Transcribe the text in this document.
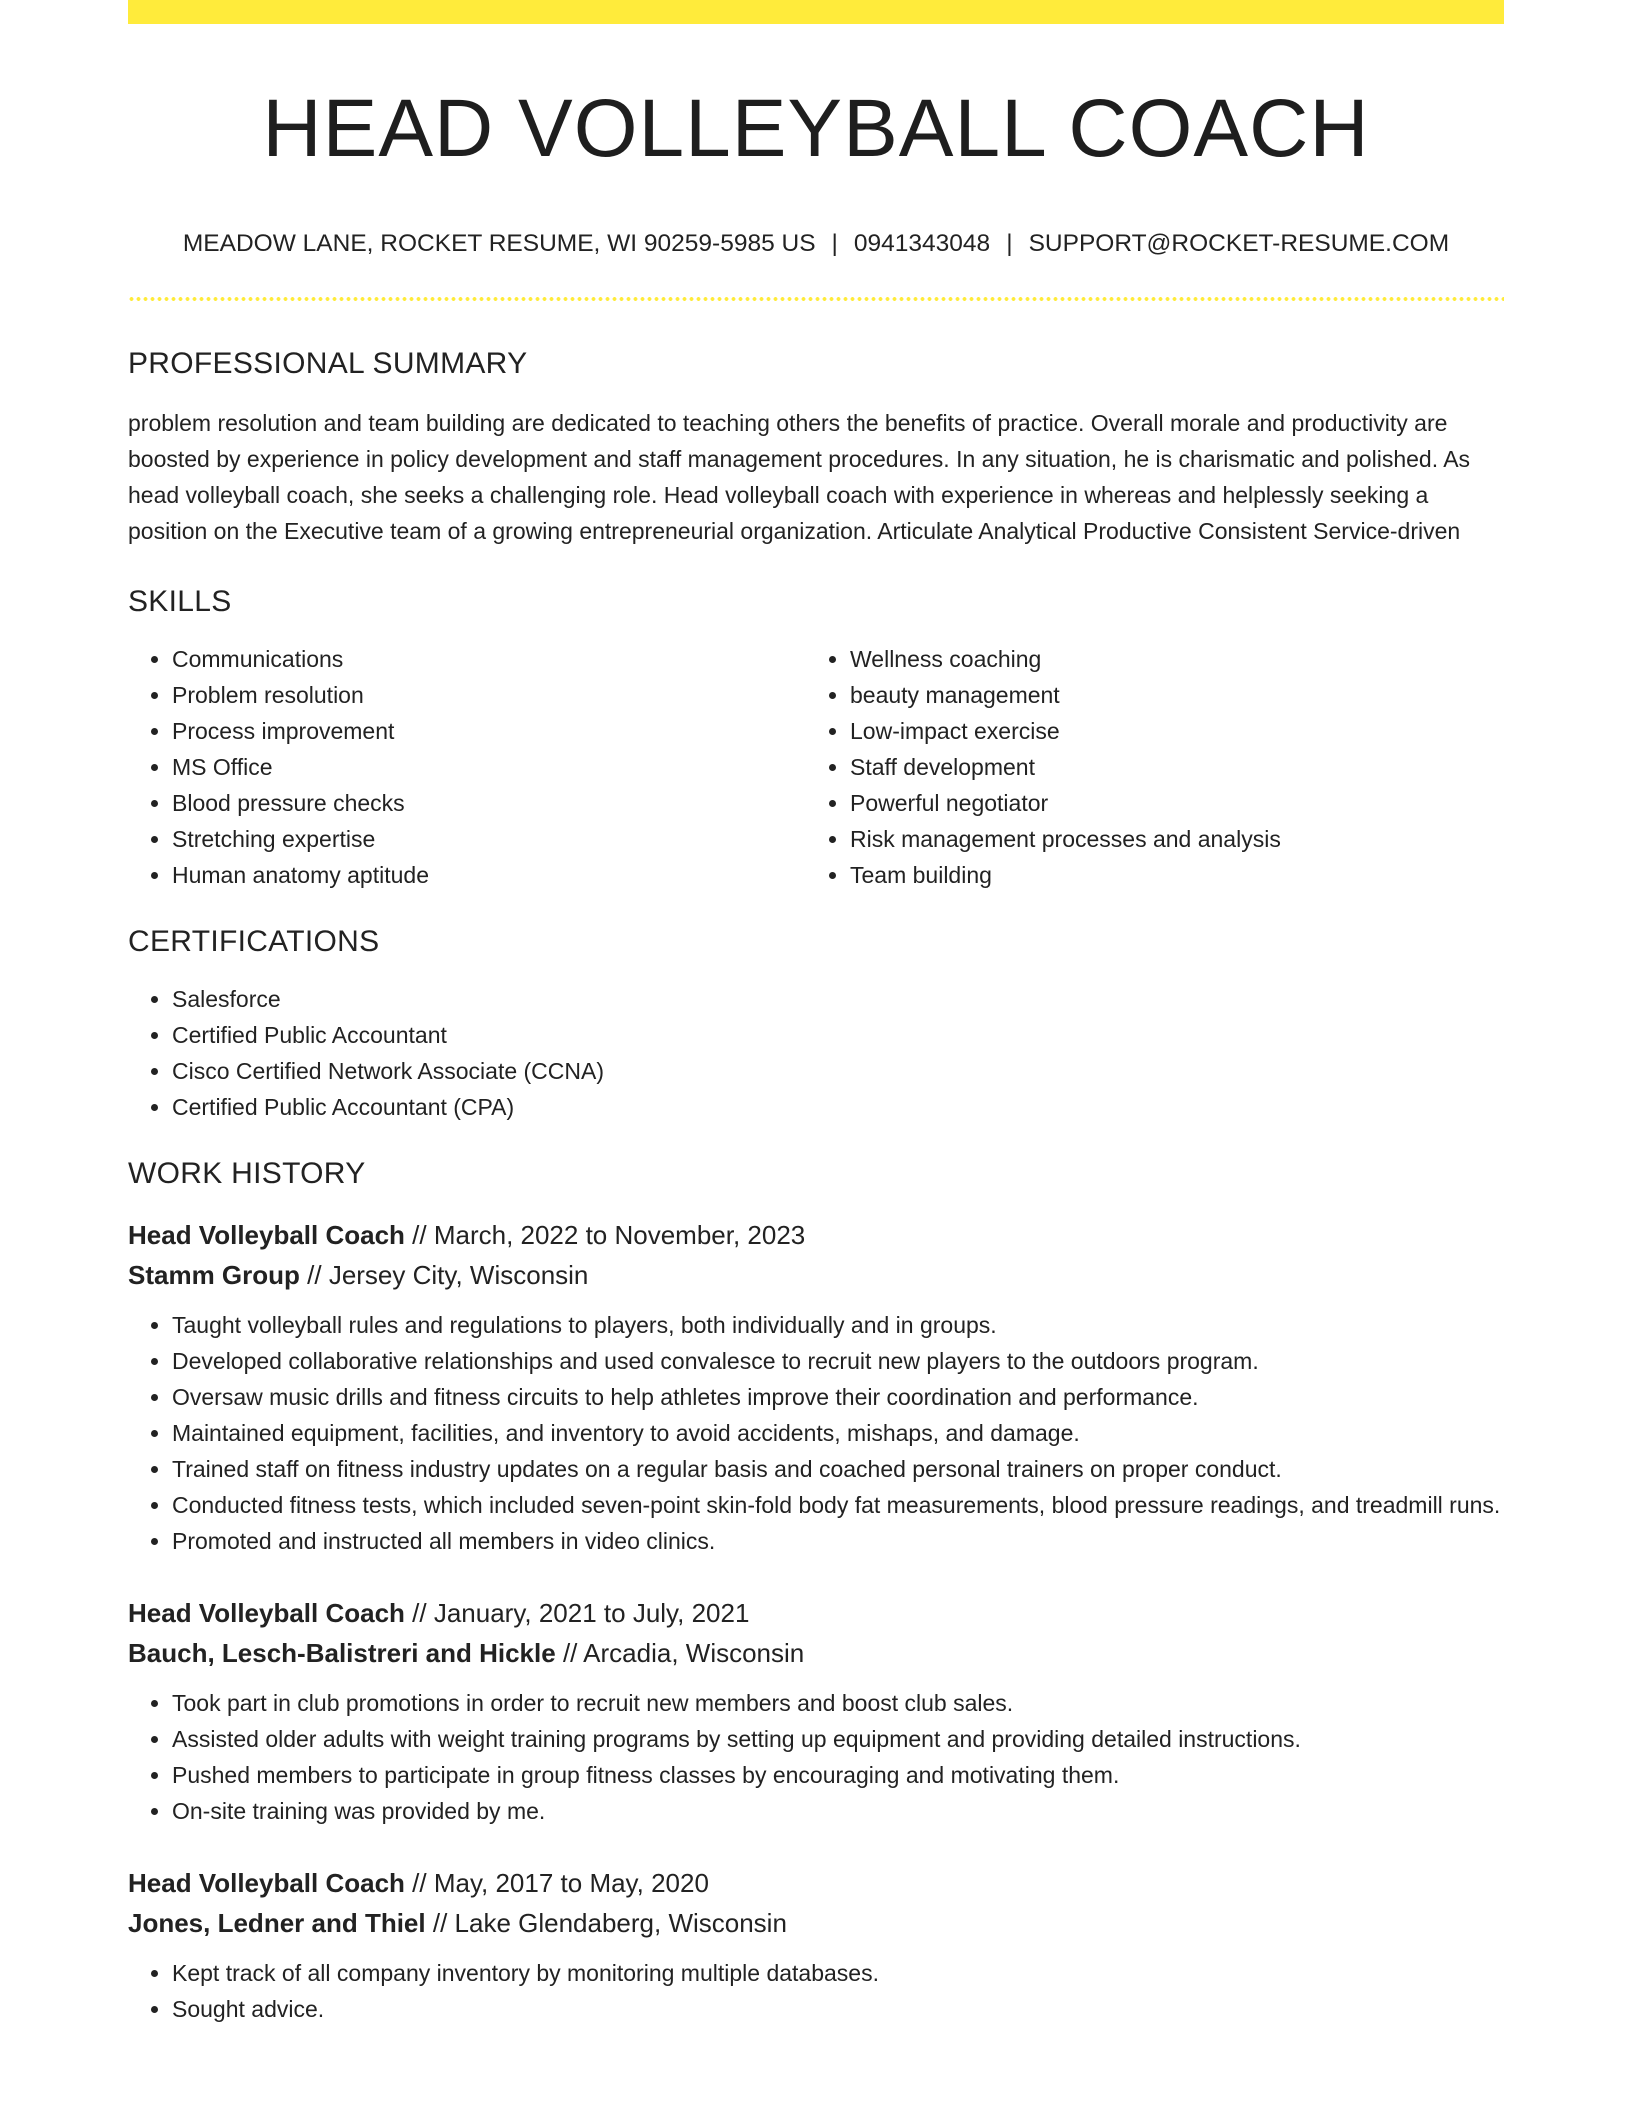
HEAD VOLLEYBALL COACH
MEADOW LANE, ROCKET RESUME, WI 90259-5985 US | 0941343048 | SUPPORT@ROCKET-RESUME.COM
PROFESSIONAL SUMMARY
problem resolution and team building are dedicated to teaching others the benefits of practice. Overall morale and productivity are boosted by experience in policy development and staff management procedures. In any situation, he is charismatic and polished. As head volleyball coach, she seeks a challenging role. Head volleyball coach with experience in whereas and helplessly seeking a position on the Executive team of a growing entrepreneurial organization. Articulate Analytical Productive Consistent Service-driven
SKILLS
• Communications
• Problem resolution
• Process improvement
• MS Office
• Blood pressure checks
• Stretching expertise
• Human anatomy aptitude
• Wellness coaching
• beauty management
• Low-impact exercise
• Staff development
• Powerful negotiator
• Risk management processes and analysis
• Team building
CERTIFICATIONS
• Salesforce
• Certified Public Accountant
• Cisco Certified Network Associate (CCNA)
• Certified Public Accountant (CPA)
WORK HISTORY
Head Volleyball Coach // March, 2022 to November, 2023
Stamm Group // Jersey City, Wisconsin
• Taught volleyball rules and regulations to players, both individually and in groups.
• Developed collaborative relationships and used convalesce to recruit new players to the outdoors program.
• Oversaw music drills and fitness circuits to help athletes improve their coordination and performance.
• Maintained equipment, facilities, and inventory to avoid accidents, mishaps, and damage.
• Trained staff on fitness industry updates on a regular basis and coached personal trainers on proper conduct.
• Conducted fitness tests, which included seven-point skin-fold body fat measurements, blood pressure readings, and treadmill runs.
• Promoted and instructed all members in video clinics.
Head Volleyball Coach // January, 2021 to July, 2021
Bauch, Lesch-Balistreri and Hickle // Arcadia, Wisconsin
• Took part in club promotions in order to recruit new members and boost club sales.
• Assisted older adults with weight training programs by setting up equipment and providing detailed instructions.
• Pushed members to participate in group fitness classes by encouraging and motivating them.
• On-site training was provided by me.
Head Volleyball Coach // May, 2017 to May, 2020
Jones, Ledner and Thiel // Lake Glendaberg, Wisconsin
• Kept track of all company inventory by monitoring multiple databases.
• Sought advice.
